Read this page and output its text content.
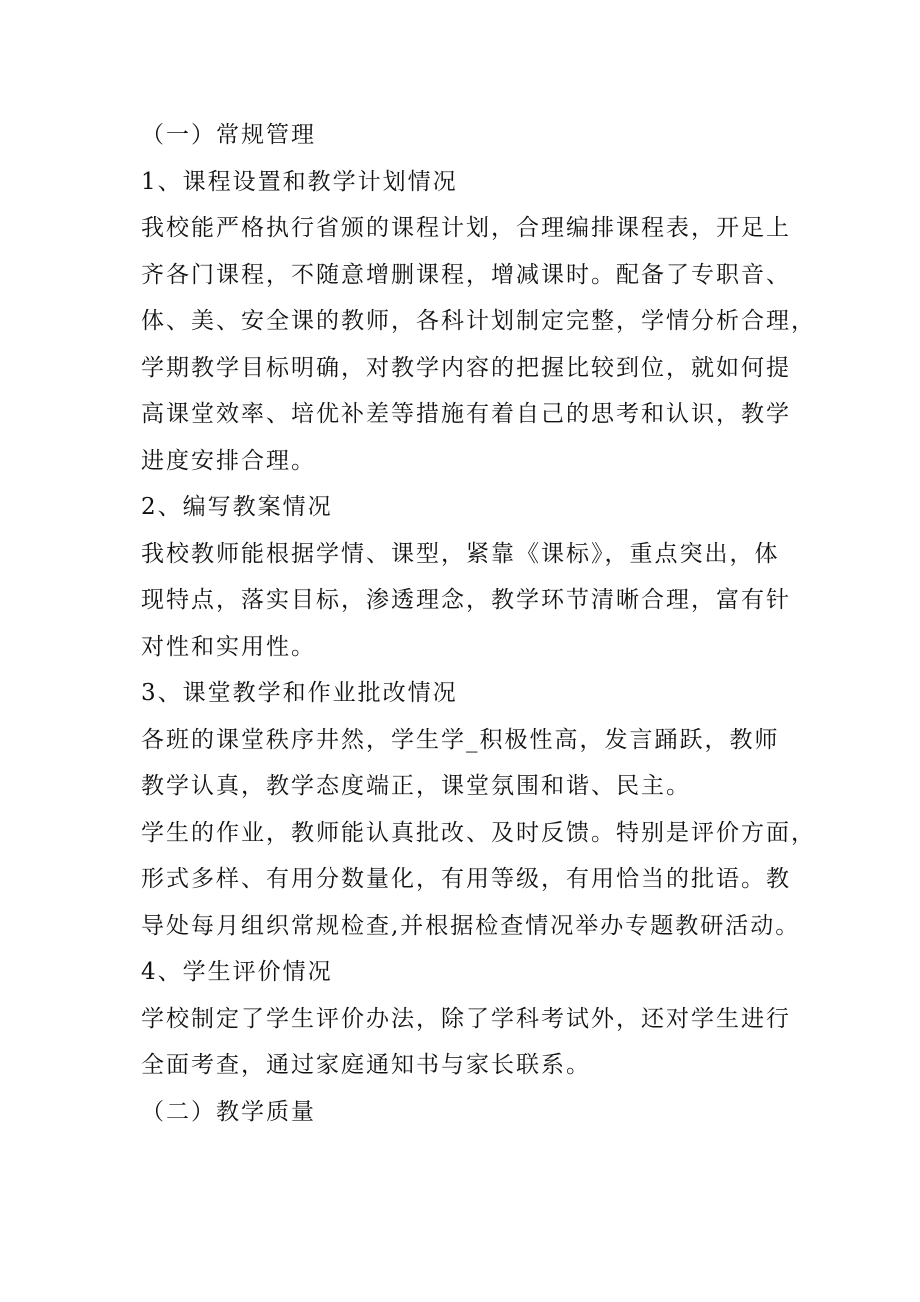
（一）常规管理

1、课程设置和教学计划情况

我校能严格执行省颁的课程计划，合理编排课程表，开足上

齐各门课程，不随意增删课程，增减课时。配备了专职音、

体、美、安全课的教师，各科计划制定完整，学情分析合理，

学期教学目标明确，对教学内容的把握比较到位，就如何提

高课堂效率、培优补差等措施有着自己的思考和认识，教学

进度安排合理。

2、编写教案情况

我校教师能根据学情、课型，紧靠《课标》，重点突出，体

现特点，落实目标，渗透理念，教学环节清晰合理，富有针

对性和实用性。

3、课堂教学和作业批改情况

各班的课堂秩序井然，学生学_积极性高，发言踊跃，教师

教学认真，教学态度端正，课堂氛围和谐、民主。

学生的作业，教师能认真批改、及时反馈。特别是评价方面，

形式多样、有用分数量化，有用等级，有用恰当的批语。教

导处每月组织常规检查,并根据检查情况举办专题教研活动。

4、学生评价情况

学校制定了学生评价办法，除了学科考试外，还对学生进行

全面考查，通过家庭通知书与家长联系。

（二）教学质量
